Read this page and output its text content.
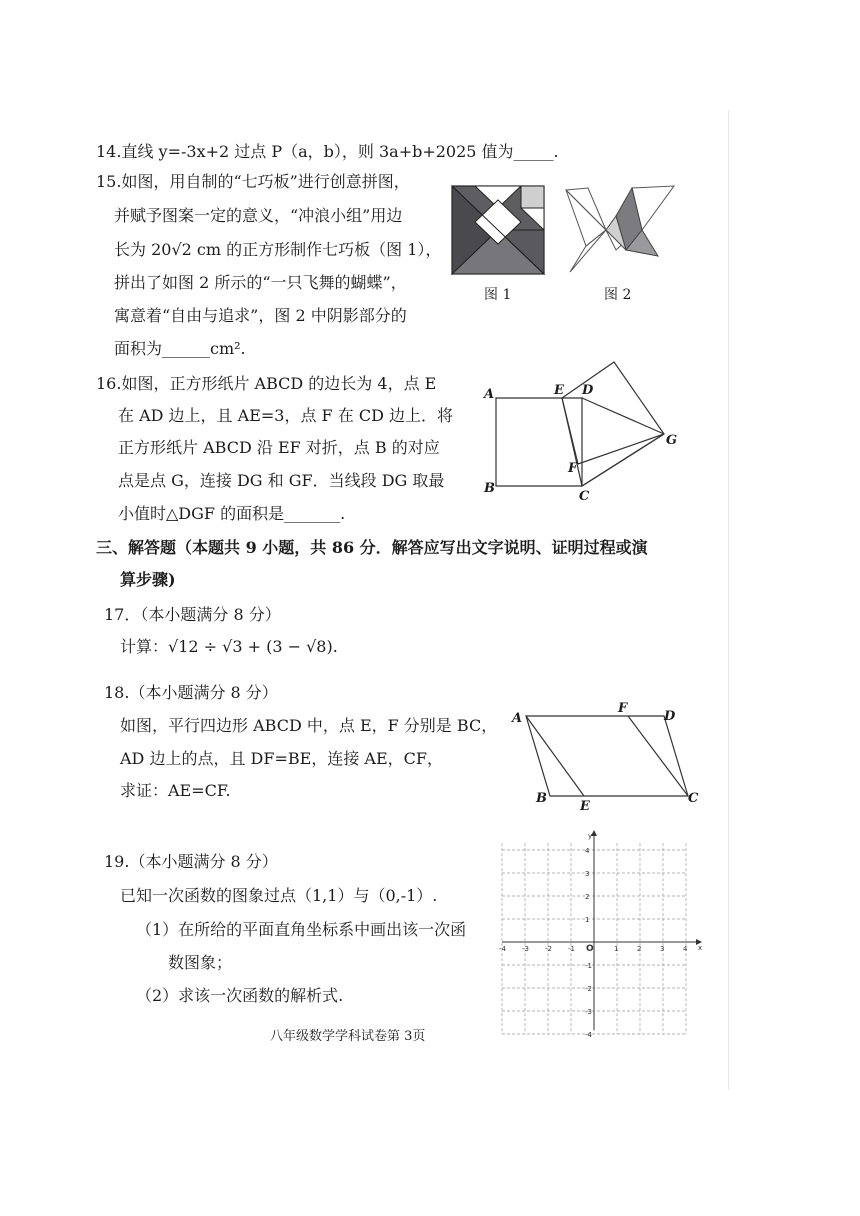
14.直线 y=-3x+2 过点 P（a，b），则 3a+b+2025 值为_____.
15.如图，用自制的“七巧板”进行创意拼图，
并赋予图案一定的意义，“冲浪小组”用边
长为 20√2 cm 的正方形制作七巧板（图 1），
拼出了如图 2 所示的“一只飞舞的蝴蝶”，
寓意着“自由与追求”，图 2 中阴影部分的
面积为______cm².
图 1	图 2
16.如图，正方形纸片 ABCD 的边长为 4，点 E
在 AD 边上，且 AE=3，点 F 在 CD 边上．将
正方形纸片 ABCD 沿 EF 对折，点 B 的对应
点是点 G，连接 DG 和 GF．当线段 DG 取最
小值时△DGF 的面积是_______.
A
B
C
D
E
F
G
三、解答题（本题共 9 小题，共 86 分．解答应写出文字说明、证明过程或演
算步骤)
17．（本小题满分 8 分）
计算：√12 ÷ √3 + (3 − √8).
18.（本小题满分 8 分）
如图，平行四边形 ABCD 中，点 E，F 分别是 BC，
AD 边上的点，且 DF=BE，连接 AE，CF，
求证：AE=CF.
A
B	C
D
E
F
19.（本小题满分 8 分）
已知一次函数的图象过点（1,1）与（0,-1）.
（1）在所给的平面直角坐标系中画出该一次函
数图象；
（2）求该一次函数的解析式.
x
y
O
-4 -3 -2 -1	1	2	3	4
4
3
2
1
-1
-2
-3
-4
八年级数学学科试卷第 3页
